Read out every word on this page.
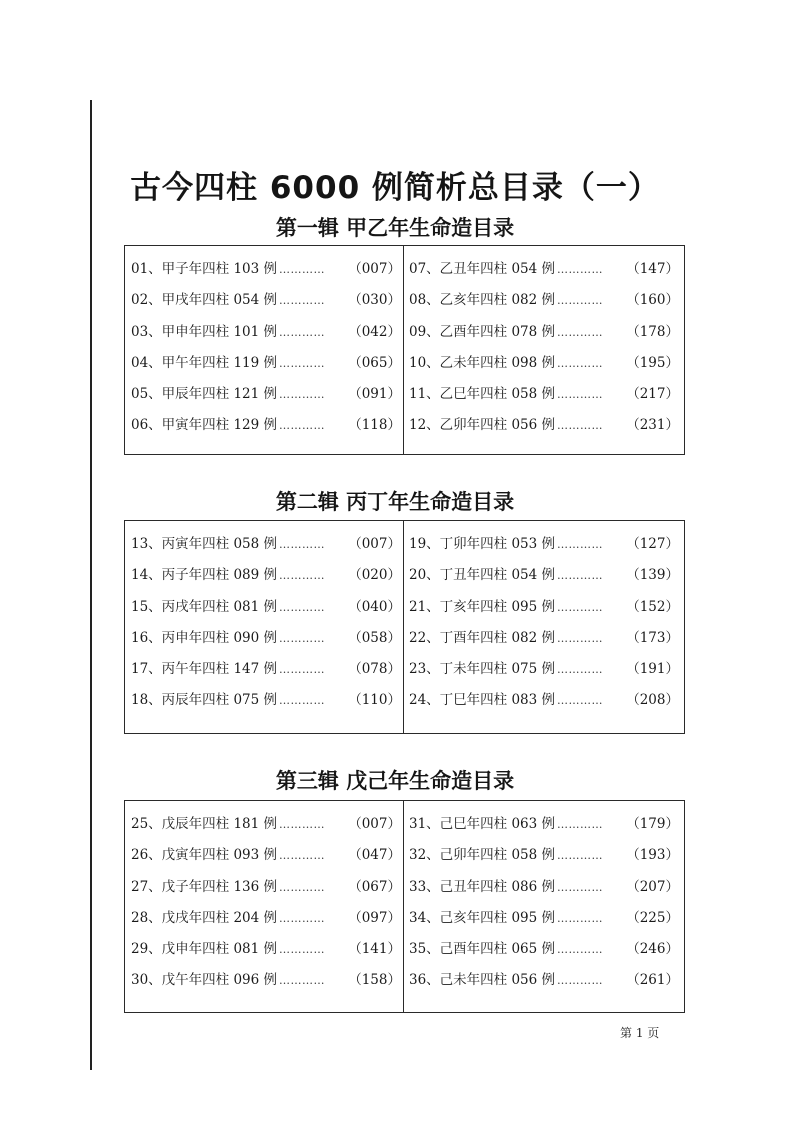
古今四柱 6000 例简析总目录（一）
第一辑 甲乙年生命造目录
01、甲子年四柱 103 例 …………	（007）
02、甲戌年四柱 054 例 …………	（030）
03、甲申年四柱 101 例 …………	（042）
04、甲午年四柱 119 例 …………	（065）
05、甲辰年四柱 121 例 …………	（091）
06、甲寅年四柱 129 例 …………	（118）
07、乙丑年四柱 054 例 …………	（147）
08、乙亥年四柱 082 例 …………	（160）
09、乙酉年四柱 078 例 …………	（178）
10、乙未年四柱 098 例 …………	（195）
11、乙巳年四柱 058 例 …………	（217）
12、乙卯年四柱 056 例 …………	（231）
第二辑 丙丁年生命造目录
13、丙寅年四柱 058 例 …………	（007）
14、丙子年四柱 089 例 …………	（020）
15、丙戌年四柱 081 例 …………	（040）
16、丙申年四柱 090 例 …………	（058）
17、丙午年四柱 147 例 …………	（078）
18、丙辰年四柱 075 例 …………	（110）
19、丁卯年四柱 053 例 …………	（127）
20、丁丑年四柱 054 例 …………	（139）
21、丁亥年四柱 095 例 …………	（152）
22、丁酉年四柱 082 例 …………	（173）
23、丁未年四柱 075 例 …………	（191）
24、丁巳年四柱 083 例 …………	（208）
第三辑 戊己年生命造目录
25、戊辰年四柱 181 例 …………	（007）
26、戊寅年四柱 093 例 …………	（047）
27、戊子年四柱 136 例 …………	（067）
28、戊戌年四柱 204 例 …………	（097）
29、戊申年四柱 081 例 …………	（141）
30、戊午年四柱 096 例 …………	（158）
31、己巳年四柱 063 例 …………	（179）
32、己卯年四柱 058 例 …………	（193）
33、己丑年四柱 086 例 …………	（207）
34、己亥年四柱 095 例 …………	（225）
35、己酉年四柱 065 例 …………	（246）
36、己未年四柱 056 例 …………	（261）
第 1 页
